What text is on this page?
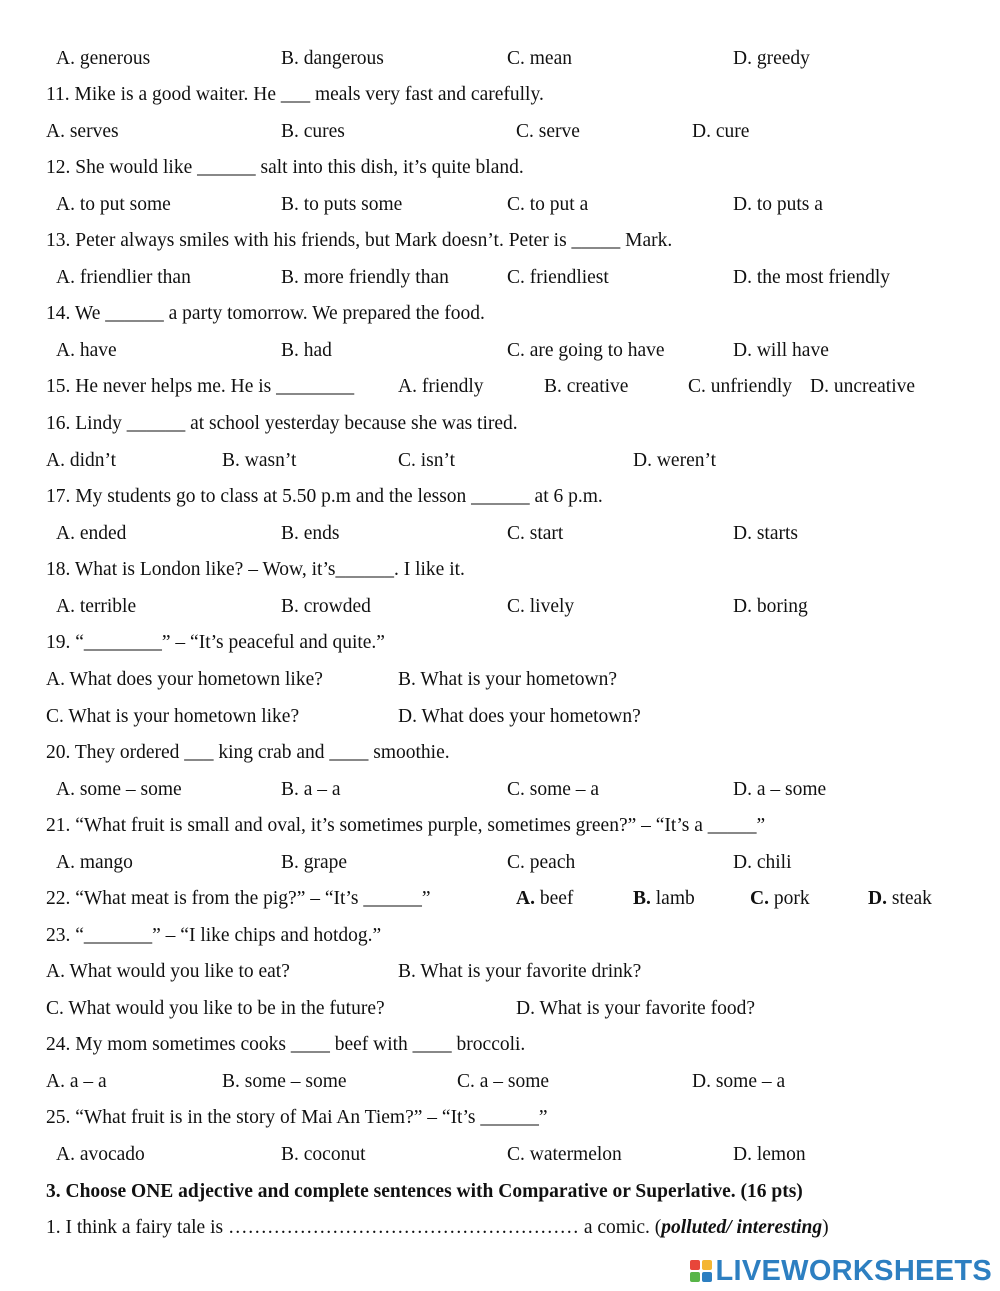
A. generous	B. dangerous	C. mean	D. greedy
11. Mike is a good waiter. He ___ meals very fast and carefully.
A. serves	B. cures	C. serve	D. cure
12. She would like ______ salt into this dish, it’s quite bland.
A. to put some	B. to puts some	C. to put a	D. to puts a
13. Peter always smiles with his friends, but Mark doesn’t. Peter is _____ Mark.
A. friendlier than	B. more friendly than	C. friendliest	D. the most friendly
14. We ______ a party tomorrow. We prepared the food.
A. have	B. had	C. are going to have	D. will have
15. He never helps me. He is ________ A. friendly	B. creative	C. unfriendly D. uncreative
16. Lindy ______ at school yesterday because she was tired.
A. didn’t	B. wasn’t	C. isn’t	D. weren’t
17. My students go to class at 5.50 p.m and the lesson ______ at 6 p.m.
A. ended	B. ends	C. start	D. starts
18. What is London like? – Wow, it’s______. I like it.
A. terrible	B. crowded	C. lively	D. boring
19. “________” – “It’s peaceful and quite.”
A. What does your hometown like?	B. What is your hometown?
C. What is your hometown like?	D. What does your hometown?
20. They ordered ___ king crab and ____ smoothie.
A. some – some	B. a – a	C. some – a	D. a – some
21. “What fruit is small and oval, it’s sometimes purple, sometimes green?” – “It’s a _____”
A. mango	B. grape	C. peach	D. chili
22. “What meat is from the pig?” – “It’s ______”	A. beef	B. lamb	C. pork	D. steak
23. “_______” – “I like chips and hotdog.”
A. What would you like to eat?	B. What is your favorite drink?
C. What would you like to be in the future?	D. What is your favorite food?
24. My mom sometimes cooks ____ beef with ____ broccoli.
A. a – a	B. some – some	C. a – some	D. some – a
25. “What fruit is in the story of Mai An Tiem?” – “It’s ______”
A. avocado	B. coconut	C. watermelon	D. lemon
3. Choose ONE adjective and complete sentences with Comparative or Superlative. (16 pts)
1. I think a fairy tale is ……………………………………………… a comic. (polluted/ interesting)
LIVEWORKSHEETS
